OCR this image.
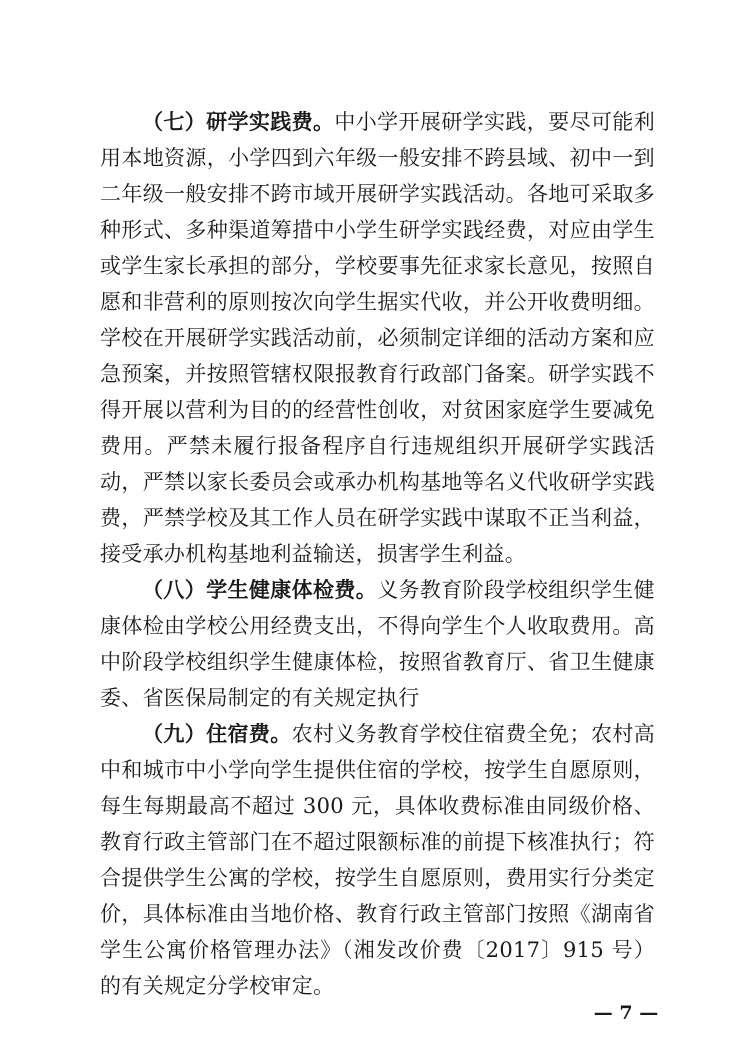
（七）研学实践费。中小学开展研学实践，要尽可能利用本地资源，小学四到六年级一般安排不跨县域、初中一到二年级一般安排不跨市域开展研学实践活动。各地可采取多种形式、多种渠道筹措中小学生研学实践经费，对应由学生或学生家长承担的部分，学校要事先征求家长意见，按照自愿和非营利的原则按次向学生据实代收，并公开收费明细。学校在开展研学实践活动前，必须制定详细的活动方案和应急预案，并按照管辖权限报教育行政部门备案。研学实践不得开展以营利为目的的经营性创收，对贫困家庭学生要减免费用。严禁未履行报备程序自行违规组织开展研学实践活动，严禁以家长委员会或承办机构基地等名义代收研学实践费，严禁学校及其工作人员在研学实践中谋取不正当利益，接受承办机构基地利益输送，损害学生利益。

（八）学生健康体检费。义务教育阶段学校组织学生健康体检由学校公用经费支出，不得向学生个人收取费用。高中阶段学校组织学生健康体检，按照省教育厅、省卫生健康委、省医保局制定的有关规定执行

（九）住宿费。农村义务教育学校住宿费全免；农村高中和城市中小学向学生提供住宿的学校，按学生自愿原则，每生每期最高不超过 300 元，具体收费标准由同级价格、教育行政主管部门在不超过限额标准的前提下核准执行；符合提供学生公寓的学校，按学生自愿原则，费用实行分类定价，具体标准由当地价格、教育行政主管部门按照《湖南省学生公寓价格管理办法》（湘发改价费〔2017〕915 号）的有关规定分学校审定。

— 7 —
